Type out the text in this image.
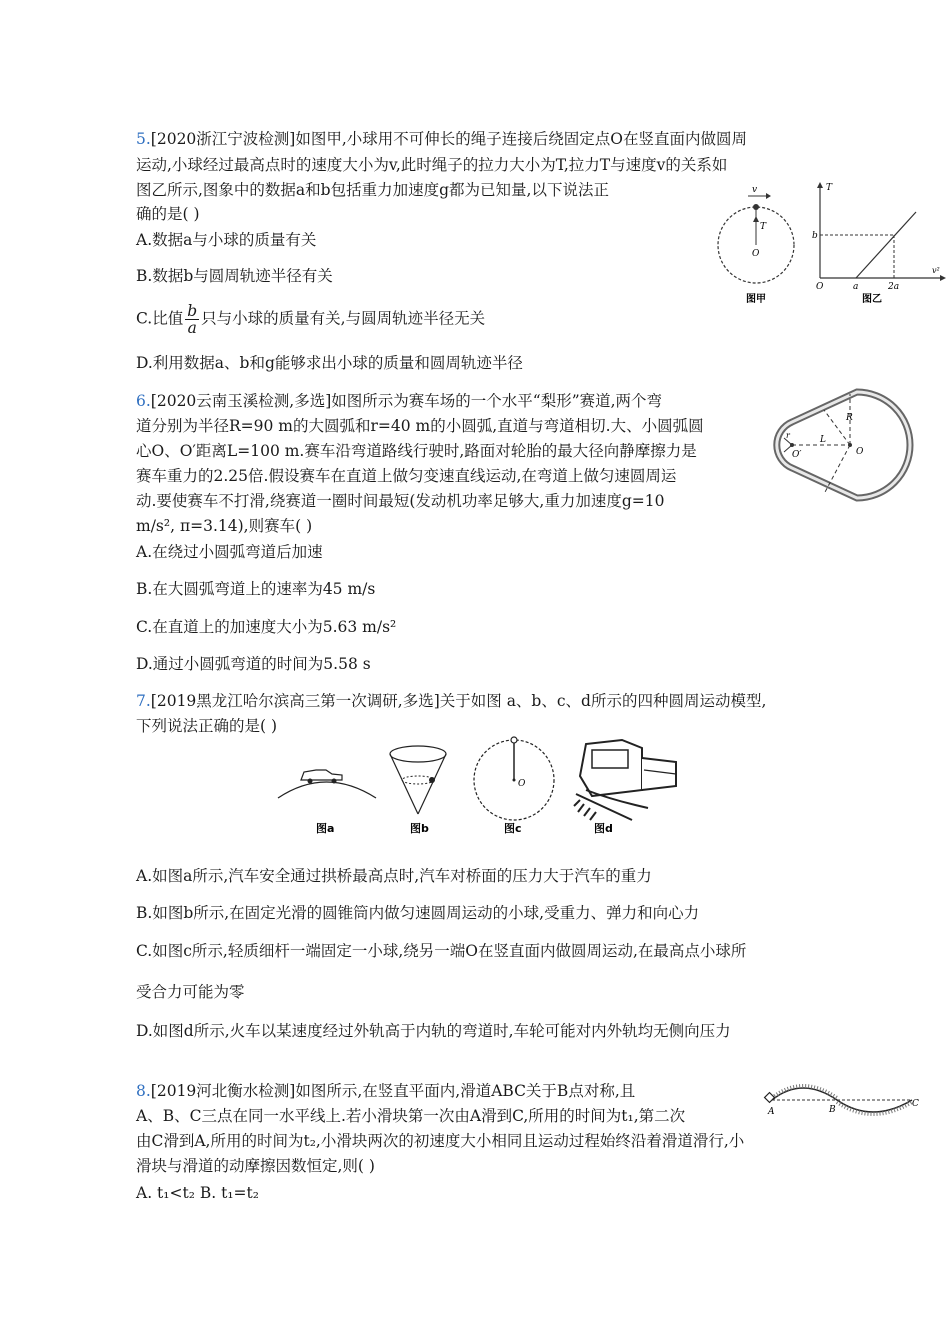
5.[2020浙江宁波检测]如图甲,小球用不可伸长的绳子连接后绕固定点O在竖直面内做圆周
运动,小球经过最高点时的速度大小为v,此时绳子的拉力大小为T,拉力T与速度v的关系如
图乙所示,图象中的数据a和b包括重力加速度g都为已知量,以下说法正
确的是( )
A.数据a与小球的质量有关
B.数据b与圆周轨迹半径有关
C.比值 $\frac{b}{a}$ 只与小球的质量有关,与圆周轨迹半径无关
D.利用数据a、b和g能够求出小球的质量和圆周轨迹半径
v
T
O
图甲
T
b
O	a	2a
v²
图乙
6.[2020云南玉溪检测,多选]如图所示为赛车场的一个水平“梨形”赛道,两个弯
道分别为半径R=90 m的大圆弧和r=40 m的小圆弧,直道与弯道相切.大、小圆弧圆
心O、O′距离L=100 m.赛车沿弯道路线行驶时,路面对轮胎的最大径向静摩擦力是
赛车重力的2.25倍.假设赛车在直道上做匀变速直线运动,在弯道上做匀速圆周运
动.要使赛车不打滑,绕赛道一圈时间最短(发动机功率足够大,重力加速度g=10
m/s², π=3.14),则赛车( )
A.在绕过小圆弧弯道后加速
B.在大圆弧弯道上的速率为45 m/s
C.在直道上的加速度大小为5.63 m/s²
D.通过小圆弧弯道的时间为5.58 s
R
r	L
O
O′
7.[2019黑龙江哈尔滨高三第一次调研,多选]关于如图 a、b、c、d所示的四种圆周运动模型,
下列说法正确的是( )
图a	图b
O
图c	图d
A.如图a所示,汽车安全通过拱桥最高点时,汽车对桥面的压力大于汽车的重力
B.如图b所示,在固定光滑的圆锥筒内做匀速圆周运动的小球,受重力、弹力和向心力
C.如图c所示,轻质细杆一端固定一小球,绕另一端O在竖直面内做圆周运动,在最高点小球所
受合力可能为零
D.如图d所示,火车以某速度经过外轨高于内轨的弯道时,车轮可能对内外轨均无侧向压力
8.[2019河北衡水检测]如图所示,在竖直平面内,滑道ABC关于B点对称,且
A、B、C三点在同一水平线上.若小滑块第一次由A滑到C,所用的时间为t₁,第二次
由C滑到A,所用的时间为t₂,小滑块两次的初速度大小相同且运动过程始终沿着滑道滑行,小
滑块与滑道的动摩擦因数恒定,则( )
A. t₁<t₂ B. t₁=t₂
A	B
C
